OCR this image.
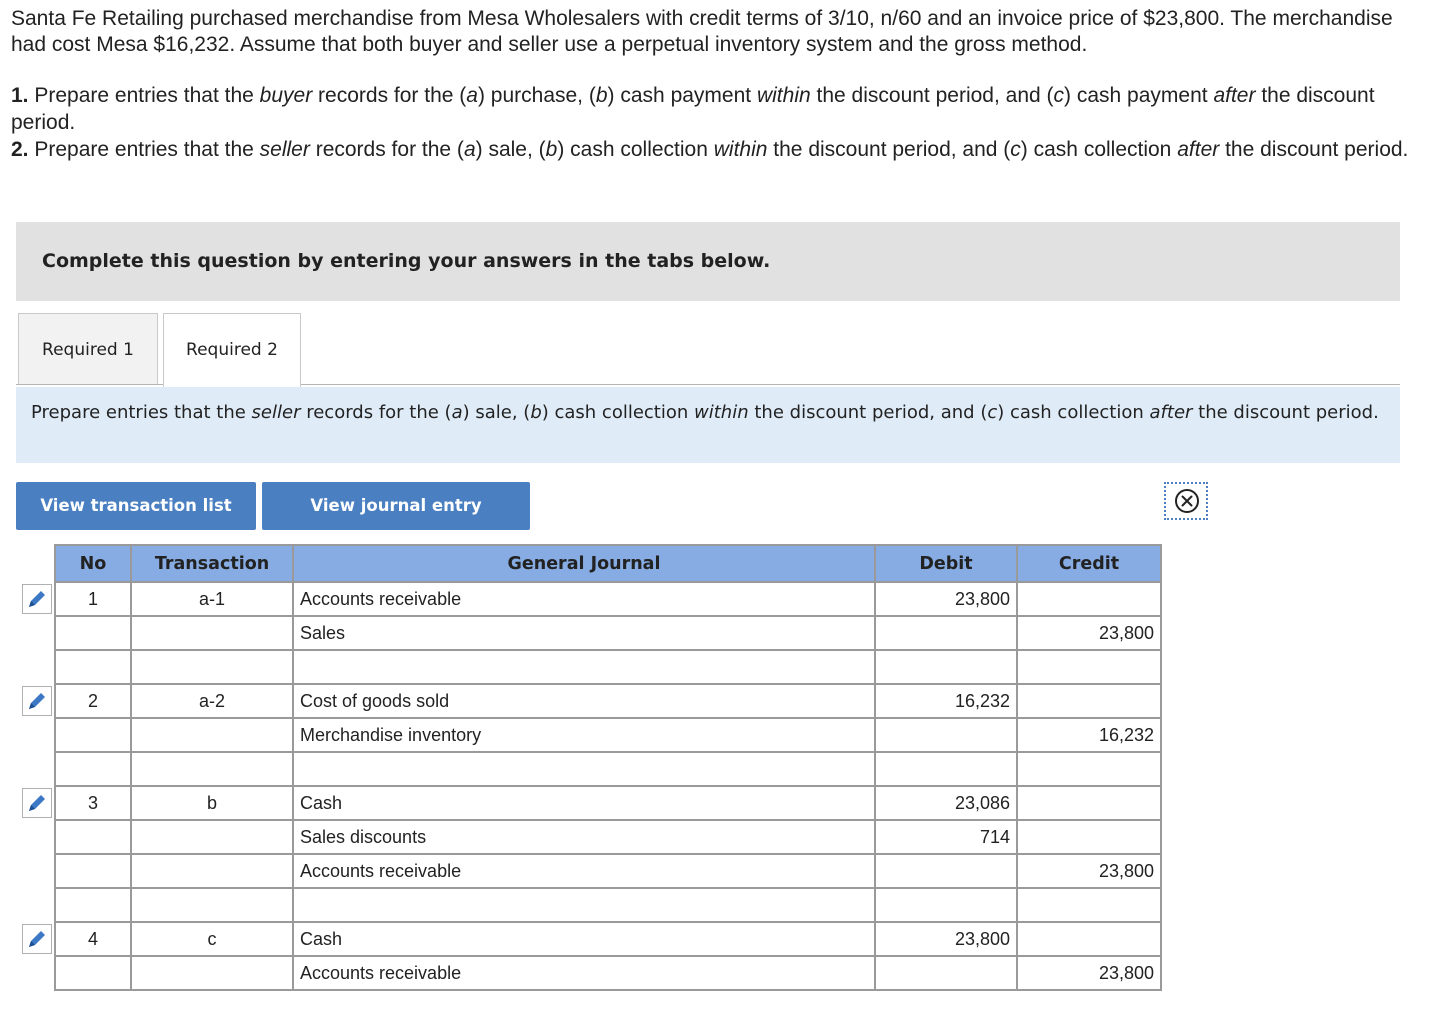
Santa Fe Retailing purchased merchandise from Mesa Wholesalers with credit terms of 3/10, n/60 and an invoice price of $23,800. The merchandise had cost Mesa $16,232. Assume that both buyer and seller use a perpetual inventory system and the gross method.

1. Prepare entries that the buyer records for the (a) purchase, (b) cash payment within the discount period, and (c) cash payment after the discount period.

2. Prepare entries that the seller records for the (a) sale, (b) cash collection within the discount period, and (c) cash collection after the discount period.

Complete this question by entering your answers in the tabs below.
Required 1	Required 2
Prepare entries that the seller records for the (a) sale, (b) cash collection within the discount period, and (c) cash collection after the discount period.
View transaction list	View journal entry
No	Transaction	General Journal	Debit	Credit
1	a-1	Accounts receivable	23,800	
		Sales		23,800

2	a-2	Cost of goods sold	16,232	
		Merchandise inventory		16,232

3	b	Cash	23,086	
		Sales discounts	714	
		Accounts receivable		23,800

4	c	Cash	23,800	
		Accounts receivable		23,800
